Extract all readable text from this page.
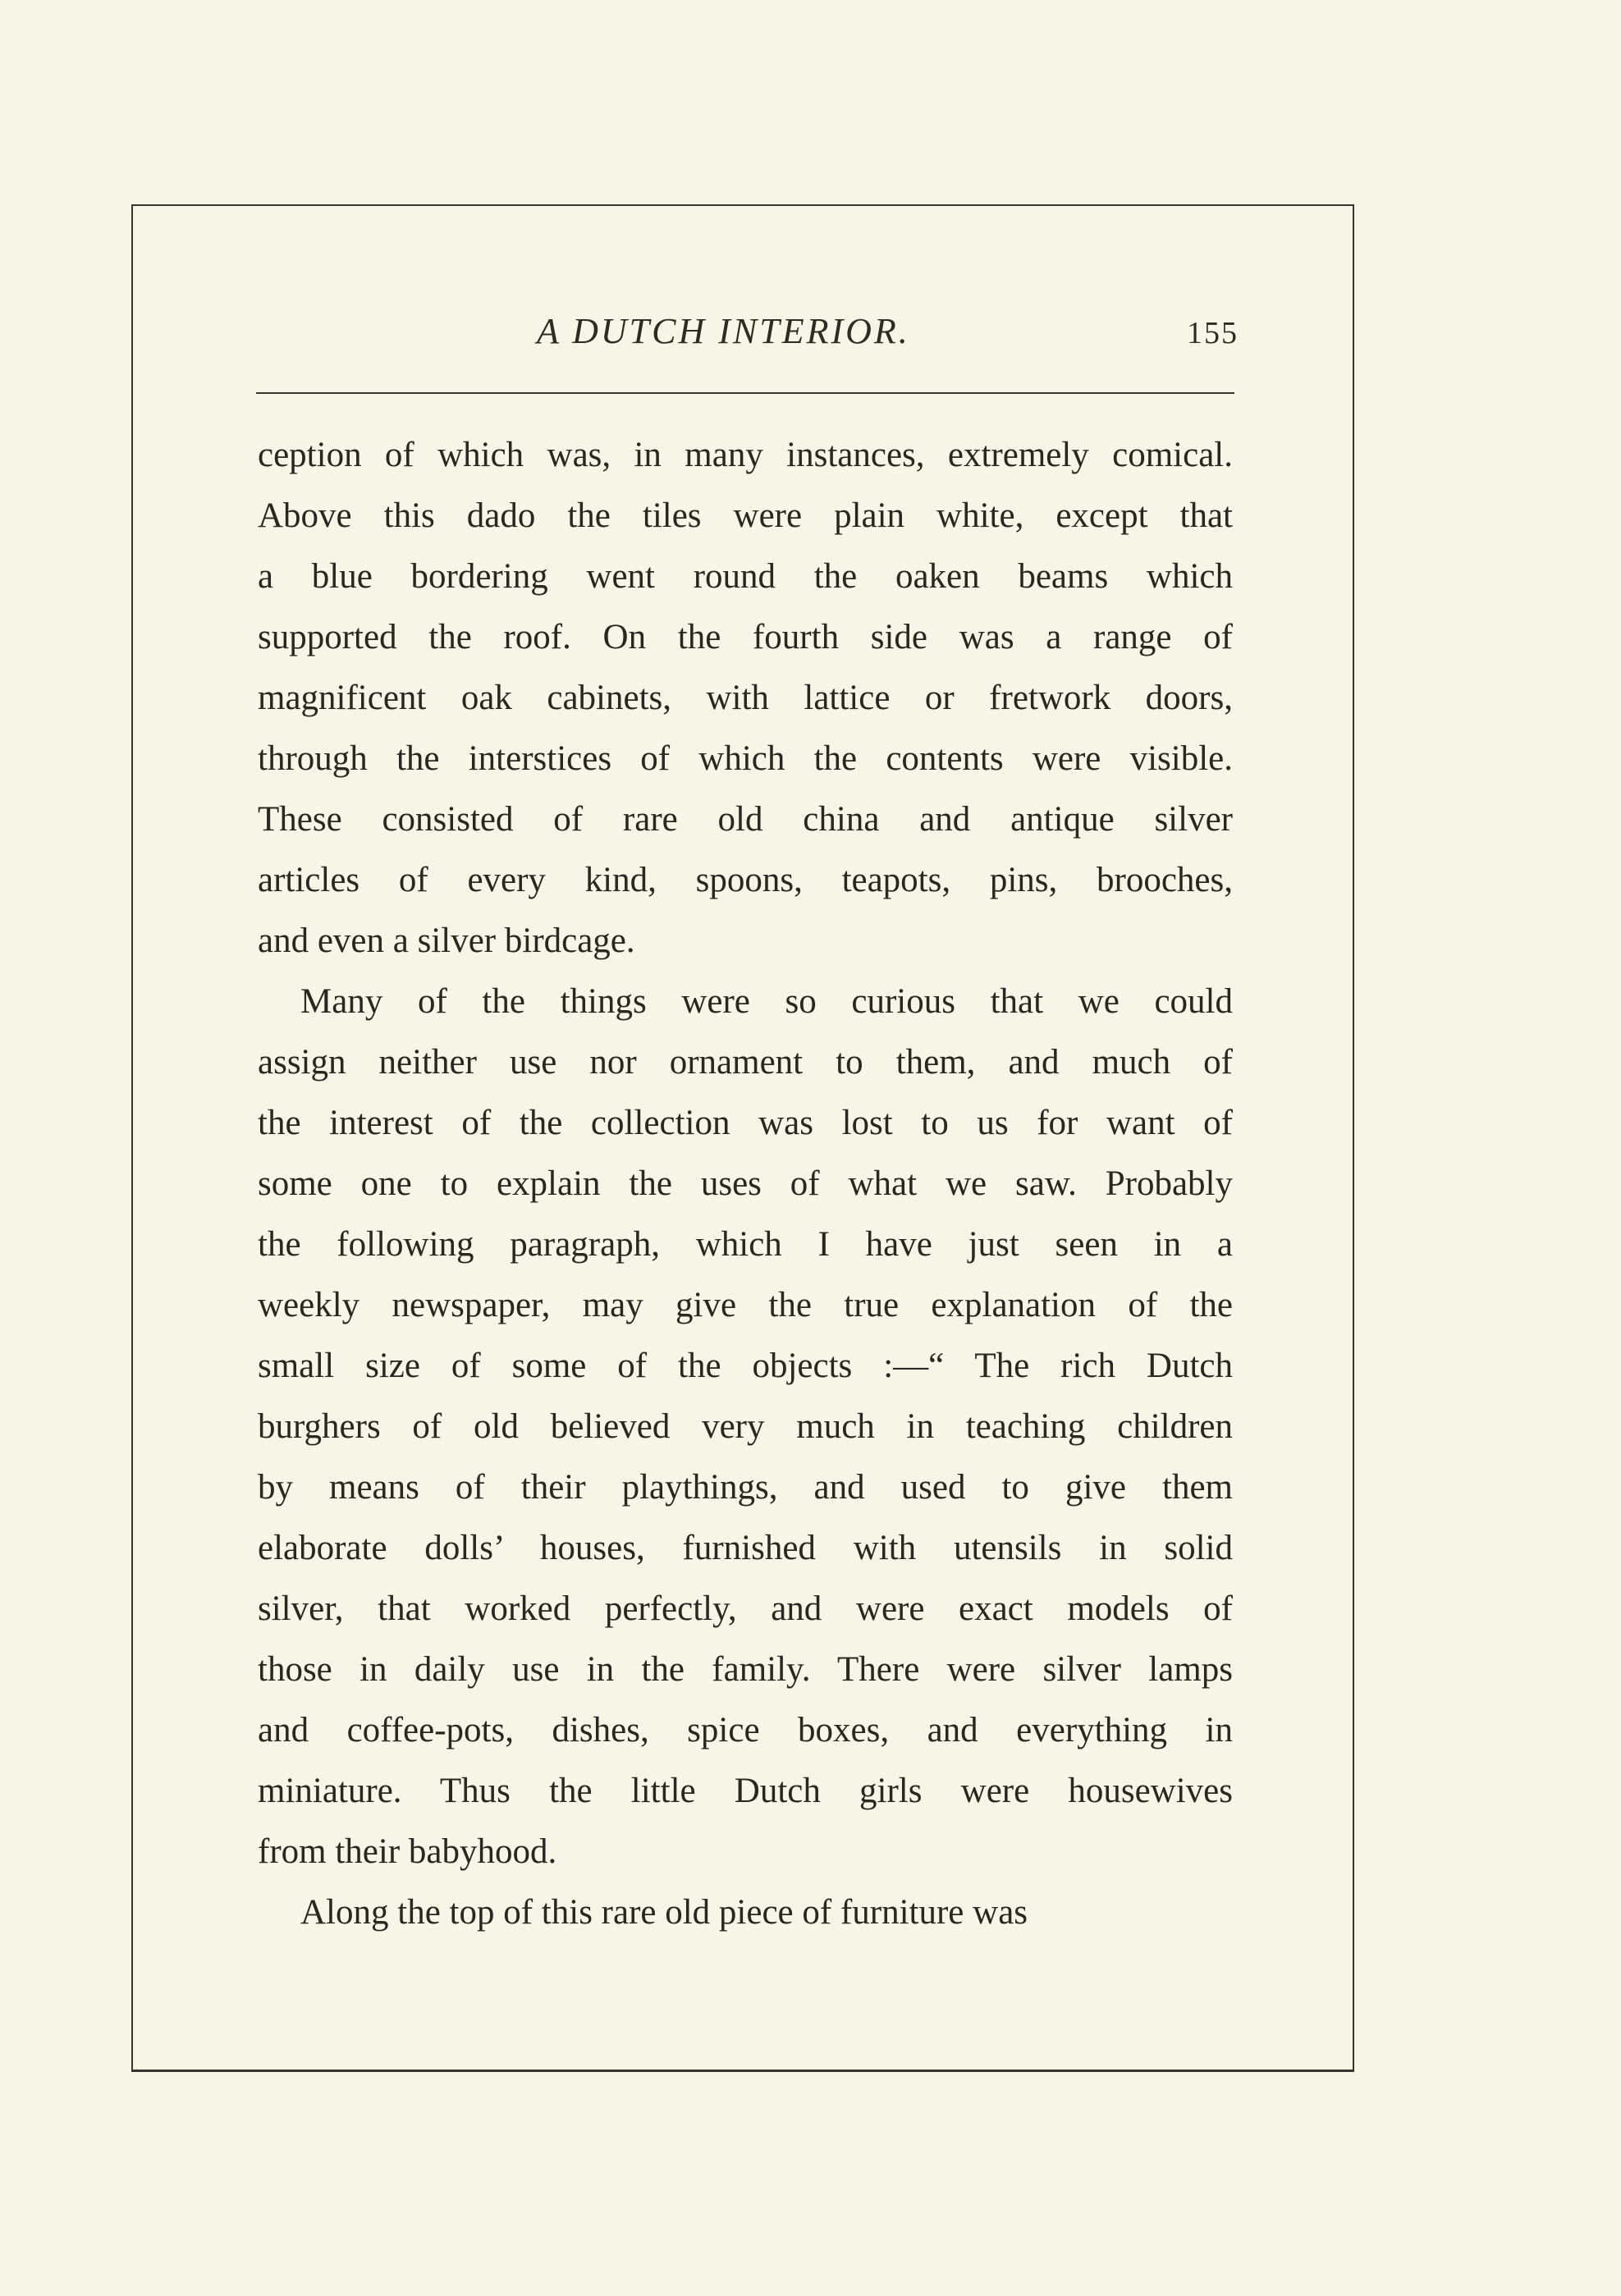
A DUTCH INTERIOR.	155
ception of which was, in many instances, extremely comical.
Above this dado the tiles were plain white, except that
a blue bordering went round the oaken beams which
supported the roof. On the fourth side was a range of
magnificent oak cabinets, with lattice or fretwork doors,
through the interstices of which the contents were visible.
These consisted of rare old china and antique silver
articles of every kind, spoons, teapots, pins, brooches,
and even a silver birdcage.
Many of the things were so curious that we could
assign neither use nor ornament to them, and much of
the interest of the collection was lost to us for want of
some one to explain the uses of what we saw. Probably
the following paragraph, which I have just seen in a
weekly newspaper, may give the true explanation of the
small size of some of the objects :—“ The rich Dutch
burghers of old believed very much in teaching children
by means of their playthings, and used to give them
elaborate dolls’ houses, furnished with utensils in solid
silver, that worked perfectly, and were exact models of
those in daily use in the family. There were silver lamps
and coffee-pots, dishes, spice boxes, and everything in
miniature. Thus the little Dutch girls were housewives
from their babyhood.
Along the top of this rare old piece of furniture was
